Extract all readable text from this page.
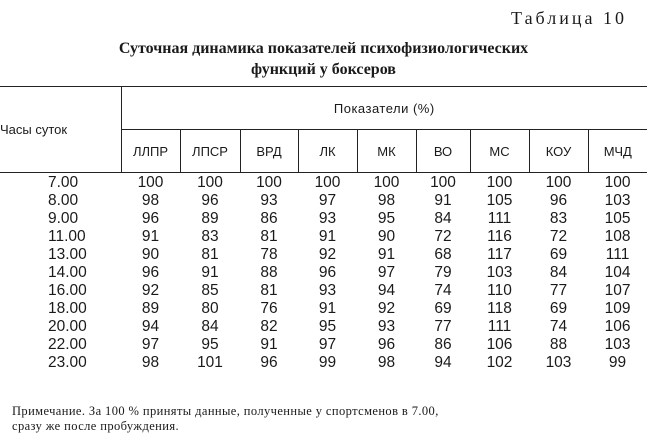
Таблица 10
Суточная динамика показателей психофизиологических
функций у боксеров
Часы суток	Показатели (%)								
	ЛЛПР	ЛПСР	ВРД	ЛК	МК	ВО	МС	КОУ	МЧД
7.00	100	100	100	100	100	100	100	100	100
8.00	98	96	93	97	98	91	105	96	103
9.00	96	89	86	93	95	84	111	83	105
11.00	91	83	81	91	90	72	116	72	108
13.00	90	81	78	92	91	68	117	69	111
14.00	96	91	88	96	97	79	103	84	104
16.00	92	85	81	93	94	74	110	77	107
18.00	89	80	76	91	92	69	118	69	109
20.00	94	84	82	95	93	77	111	74	106
22.00	97	95	91	97	96	86	106	88	103
23.00	98	101	96	99	98	94	102	103	99
Примечание. За 100 % приняты данные, полученные у спортсменов в 7.00,
сразу же после пробуждения.
